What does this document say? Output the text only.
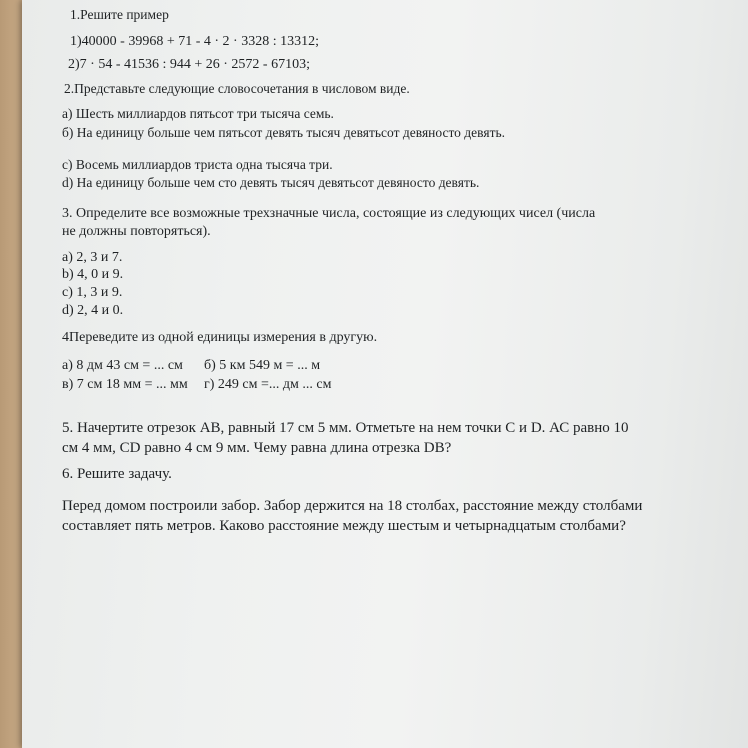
1.Решите пример
1)40000 - 39968 + 71 - 4 · 2 · 3328 : 13312;
2)7 · 54 - 41536 : 944 + 26 · 2572 - 67103;
2.Представьте следующие словосочетания в числовом виде.
а) Шесть миллиардов пятьсот три тысяча семь.
б) На единицу больше чем пятьсот девять тысяч девятьсот девяносто девять.
с) Восемь миллиардов триста одна тысяча три.
d) На единицу больше чем сто девять тысяч девятьсот девяносто девять.
3. Определите все возможные трехзначные числа, состоящие из следующих чисел (числа
не должны повторяться).
а) 2, 3 и 7.
b) 4, 0 и 9.
с) 1, 3 и 9.
d) 2, 4 и 0.
4Переведите из одной единицы измерения в другую.
а) 8 дм 43 см = ... см б) 5 км 549 м = ... м
в) 7 см 18 мм = ... мм г) 249 см =... дм ... см
5. Начертите отрезок АВ, равный 17 см 5 мм. Отметьте на нем точки С и D. АС равно 10
см 4 мм, CD равно 4 см 9 мм. Чему равна длина отрезка DB?
6. Решите задачу.
Перед домом построили забор. Забор держится на 18 столбах, расстояние между столбами
составляет пять метров. Каково расстояние между шестым и четырнадцатым столбами?
